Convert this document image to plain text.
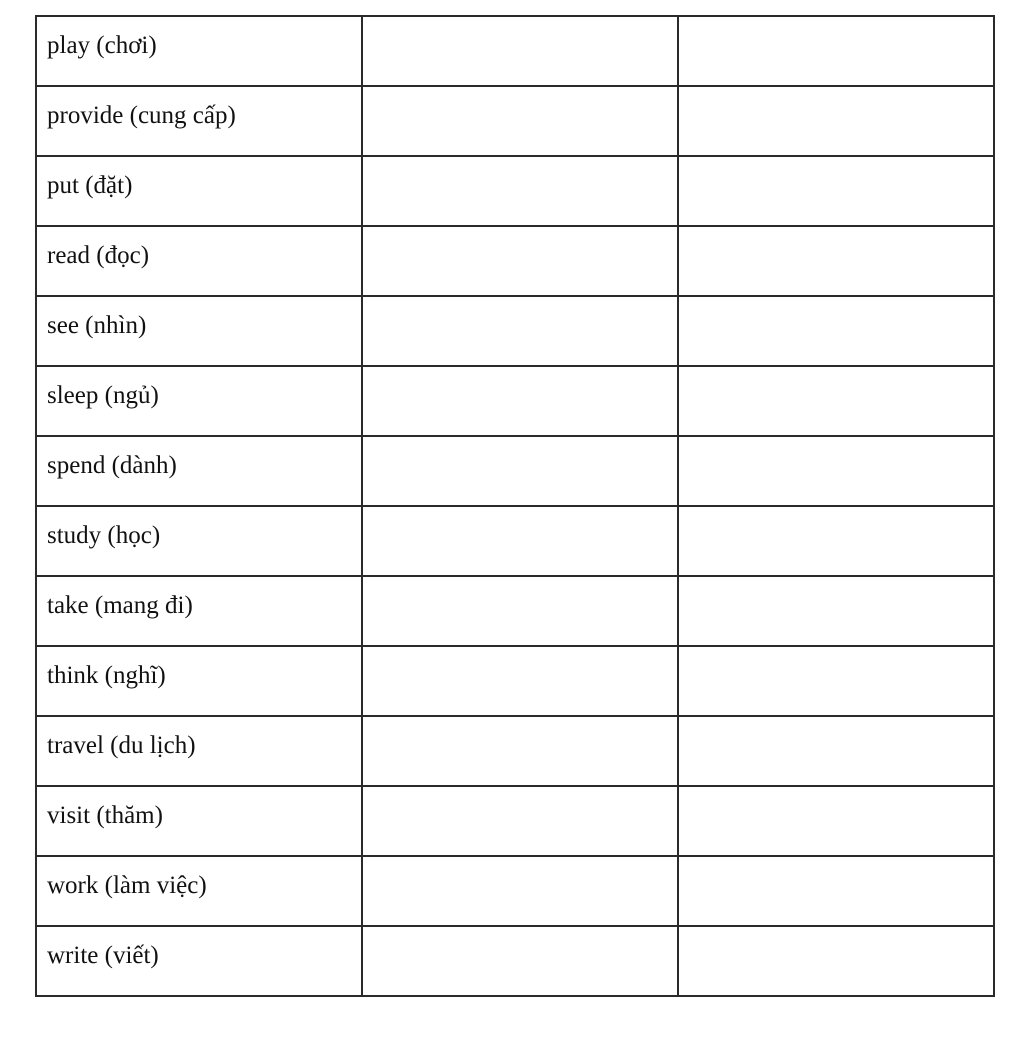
play (chơi)		
provide (cung cấp)		
put (đặt)		
read (đọc)		
see (nhìn)		
sleep (ngủ)		
spend (dành)		
study (học)		
take (mang đi)		
think (nghĩ)		
travel (du lịch)		
visit (thăm)		
work (làm việc)		
write (viết)		
